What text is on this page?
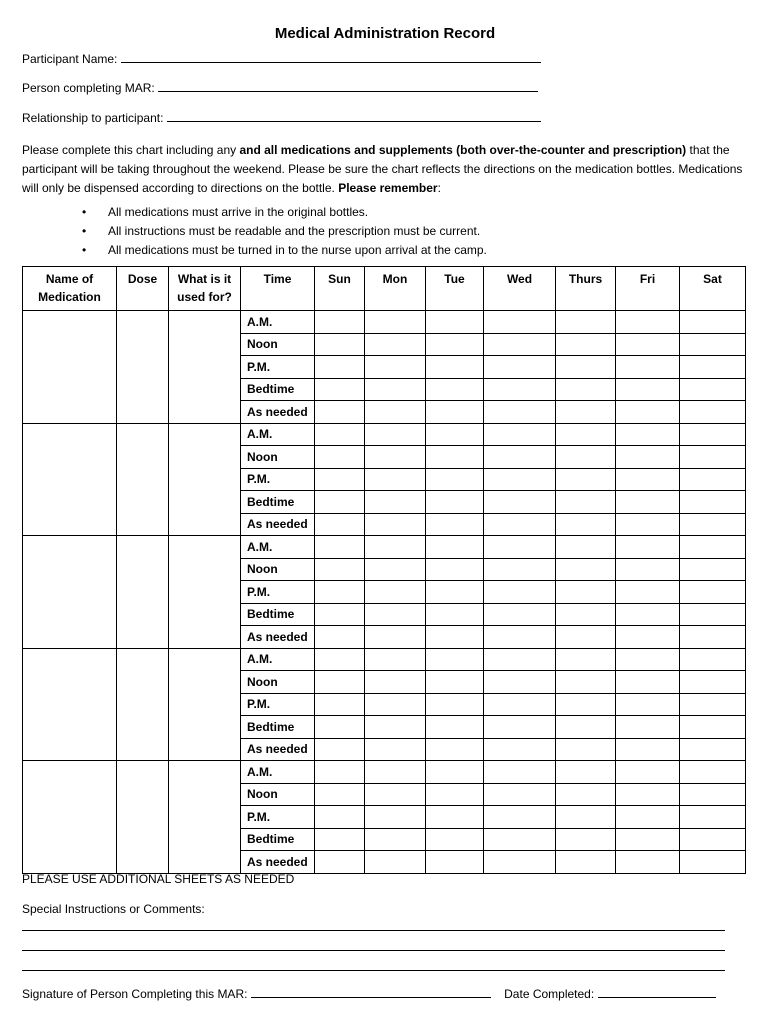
Medical Administration Record
Participant Name:
Person completing MAR:
Relationship to participant:
Please complete this chart including any and all medications and supplements (both over-the-counter and prescription) that the participant will be taking throughout the weekend. Please be sure the chart reflects the directions on the medication bottles. Medications will only be dispensed according to directions on the bottle. Please remember:
• All medications must arrive in the original bottles.
• All instructions must be readable and the prescription must be current.
• All medications must be turned in to the nurse upon arrival at the camp.
Name of Medication	Dose	What is it used for?	Time	Sun	Mon	Tue	Wed	Thurs	Fri	Sat
			A.M.							
			Noon							
			P.M.							
			Bedtime							
			As needed							
			A.M.							
			Noon							
			P.M.							
			Bedtime							
			As needed							
			A.M.							
			Noon							
			P.M.							
			Bedtime							
			As needed							
			A.M.							
			Noon							
			P.M.							
			Bedtime							
			As needed							
			A.M.							
			Noon							
			P.M.							
			Bedtime							
			As needed							
PLEASE USE ADDITIONAL SHEETS AS NEEDED
Special Instructions or Comments:
Signature of Person Completing this MAR:	Date Completed:
